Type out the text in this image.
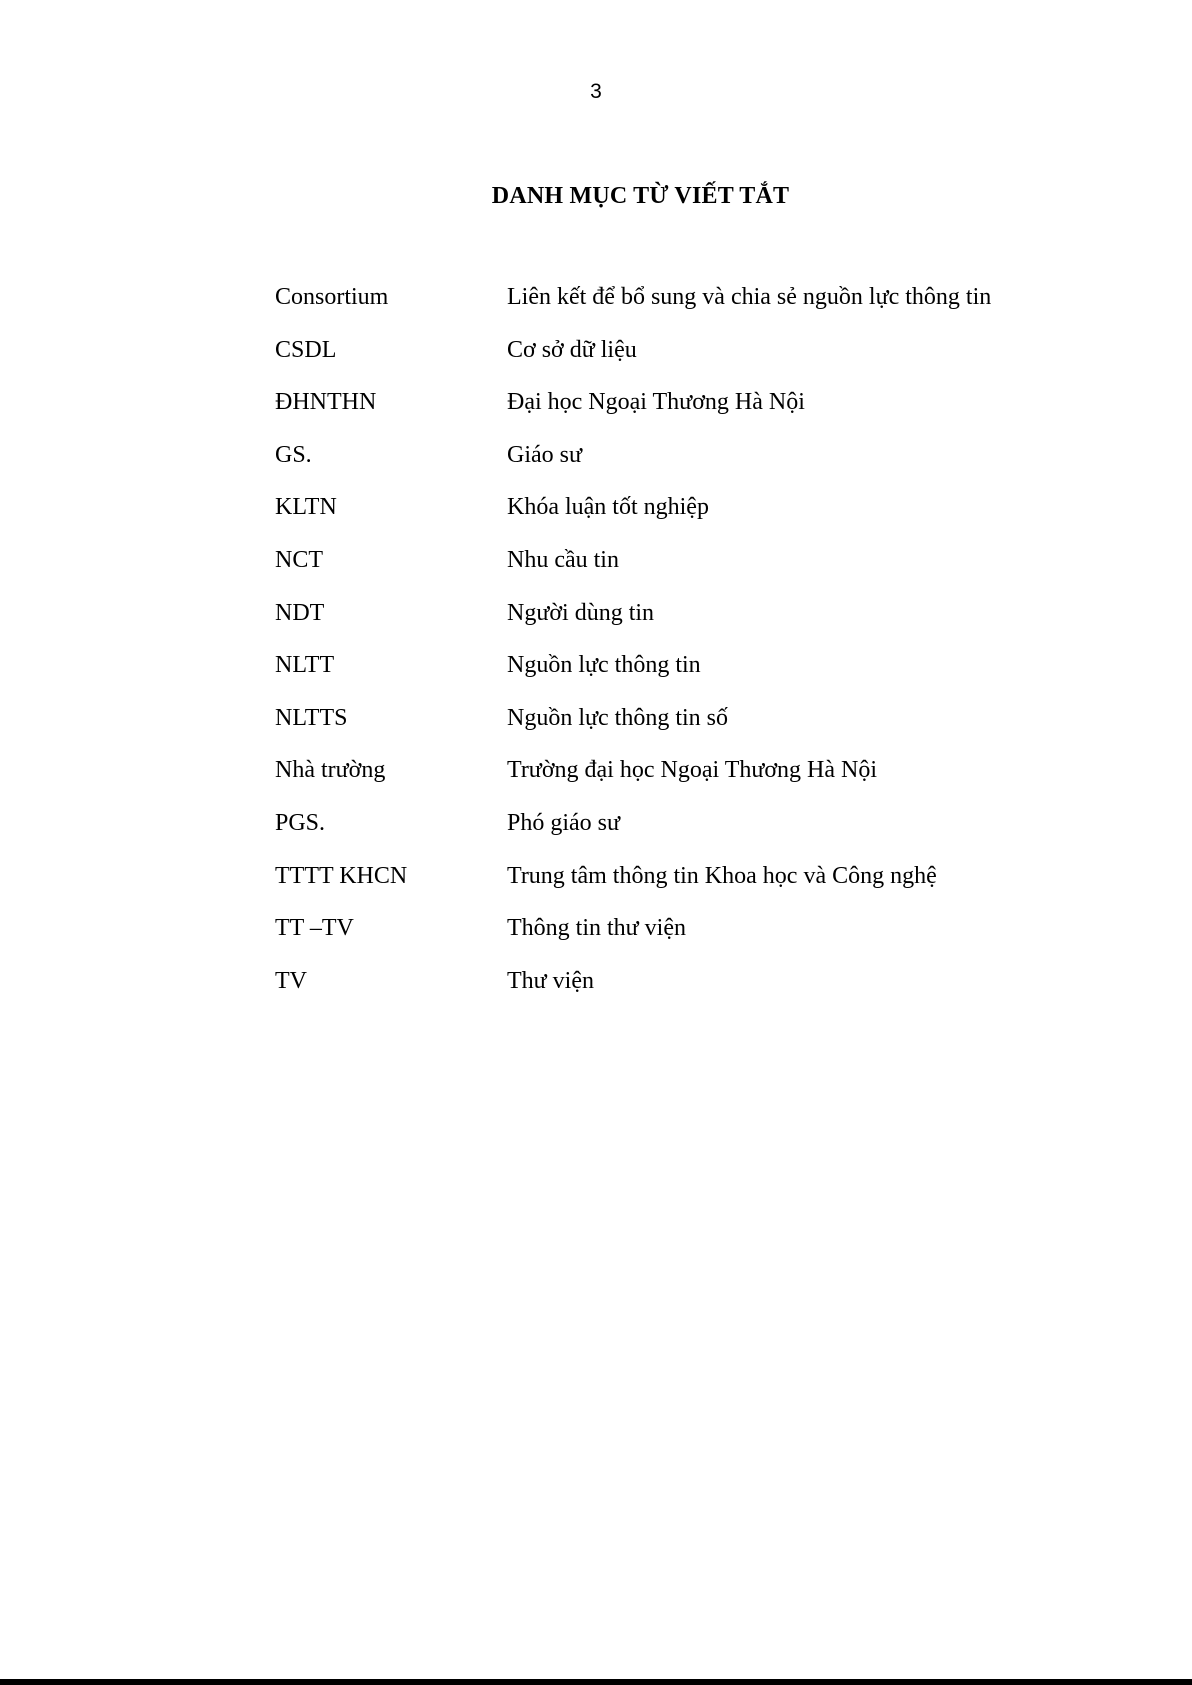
3
DANH MỤC TỪ VIẾT TẮT
Consortium	Liên kết để bổ sung và chia sẻ nguồn lực thông tin
CSDL	Cơ sở dữ liệu
ĐHNTHN	Đại học Ngoại Thương Hà Nội
GS.	Giáo sư
KLTN	Khóa luận tốt nghiệp
NCT	Nhu cầu tin
NDT	Người dùng tin
NLTT	Nguồn lực thông tin
NLTTS	Nguồn lực thông tin số
Nhà trường	Trường đại học Ngoại Thương Hà Nội
PGS.	Phó giáo sư
TTTT KHCN	Trung tâm thông tin Khoa học và Công nghệ
TT –TV	Thông tin thư viện
TV	Thư viện
